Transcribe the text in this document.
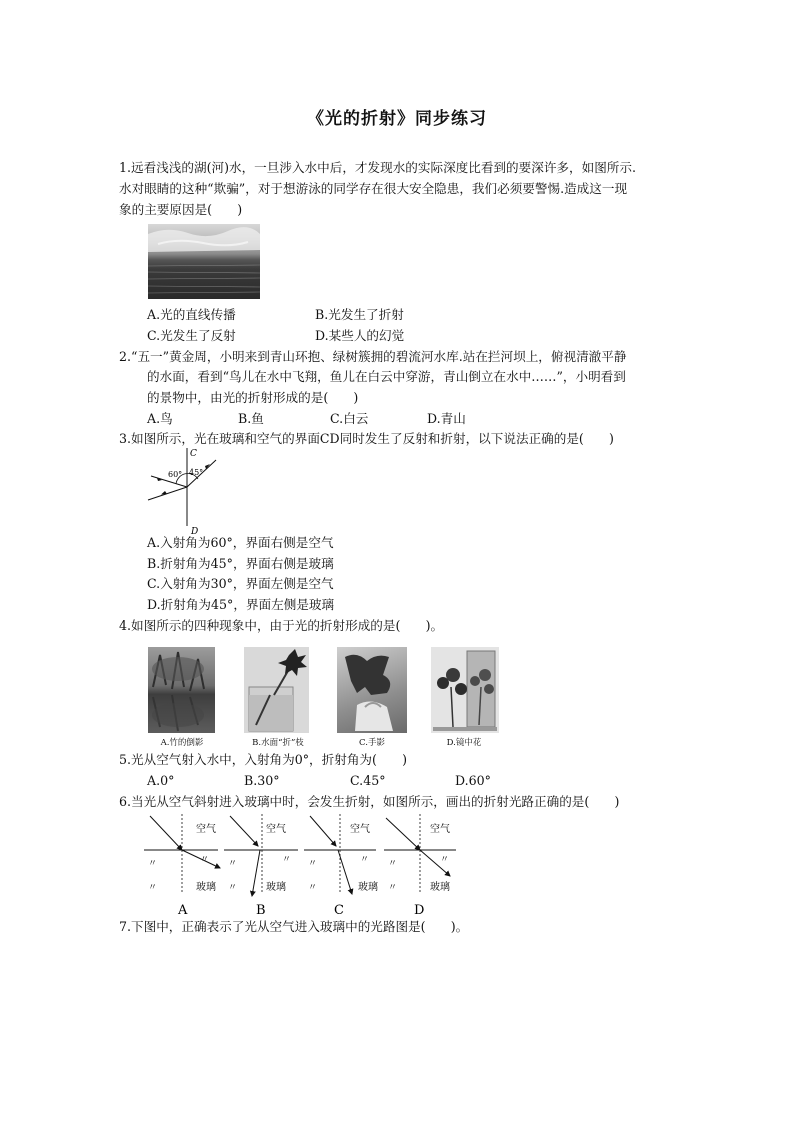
《光的折射》同步练习
1.远看浅浅的湖(河)水，一旦涉入水中后，才发现水的实际深度比看到的要深许多，如图所示.
水对眼睛的这种“欺骗”，对于想游泳的同学存在很大安全隐患，我们必须要警惕.造成这一现
象的主要原因是(　　)
A.光的直线传播	B.光发生了折射
C.光发生了反射	D.某些人的幻觉
2.“五一”黄金周，小明来到青山环抱、绿树簇拥的碧流河水库.站在拦河坝上，俯视清澈平静
的水面，看到“鸟儿在水中飞翔，鱼儿在白云中穿游，青山倒立在水中……”，小明看到
的景物中，由光的折射形成的是(　　)
A.鸟	B.鱼	C.白云	D.青山
3.如图所示，光在玻璃和空气的界面CD同时发生了反射和折射，以下说法正确的是(　　)
C
D
60° 45°
A.入射角为60°，界面右侧是空气
B.折射角为45°，界面右侧是玻璃
C.入射角为30°，界面左侧是空气
D.折射角为45°，界面左侧是玻璃
4.如图所示的四种现象中，由于光的折射形成的是(　　)。
A.竹的倒影	B.水面“折”枝	C.手影	D.镜中花
5.光从空气射入水中，入射角为0°，折射角为(　　)
A.0°	B.30°	C.45°	D.60°
6.当光从空气斜射进入玻璃中时，会发生折射，如图所示，画出的折射光路正确的是(　　)
空气
玻璃
〃
〃
〃
A
空气
玻璃
〃
〃
〃
B
空气
玻璃
〃
〃
〃
C
空气
玻璃
〃
〃
〃
D
7.下图中，正确表示了光从空气进入玻璃中的光路图是(　　)。
